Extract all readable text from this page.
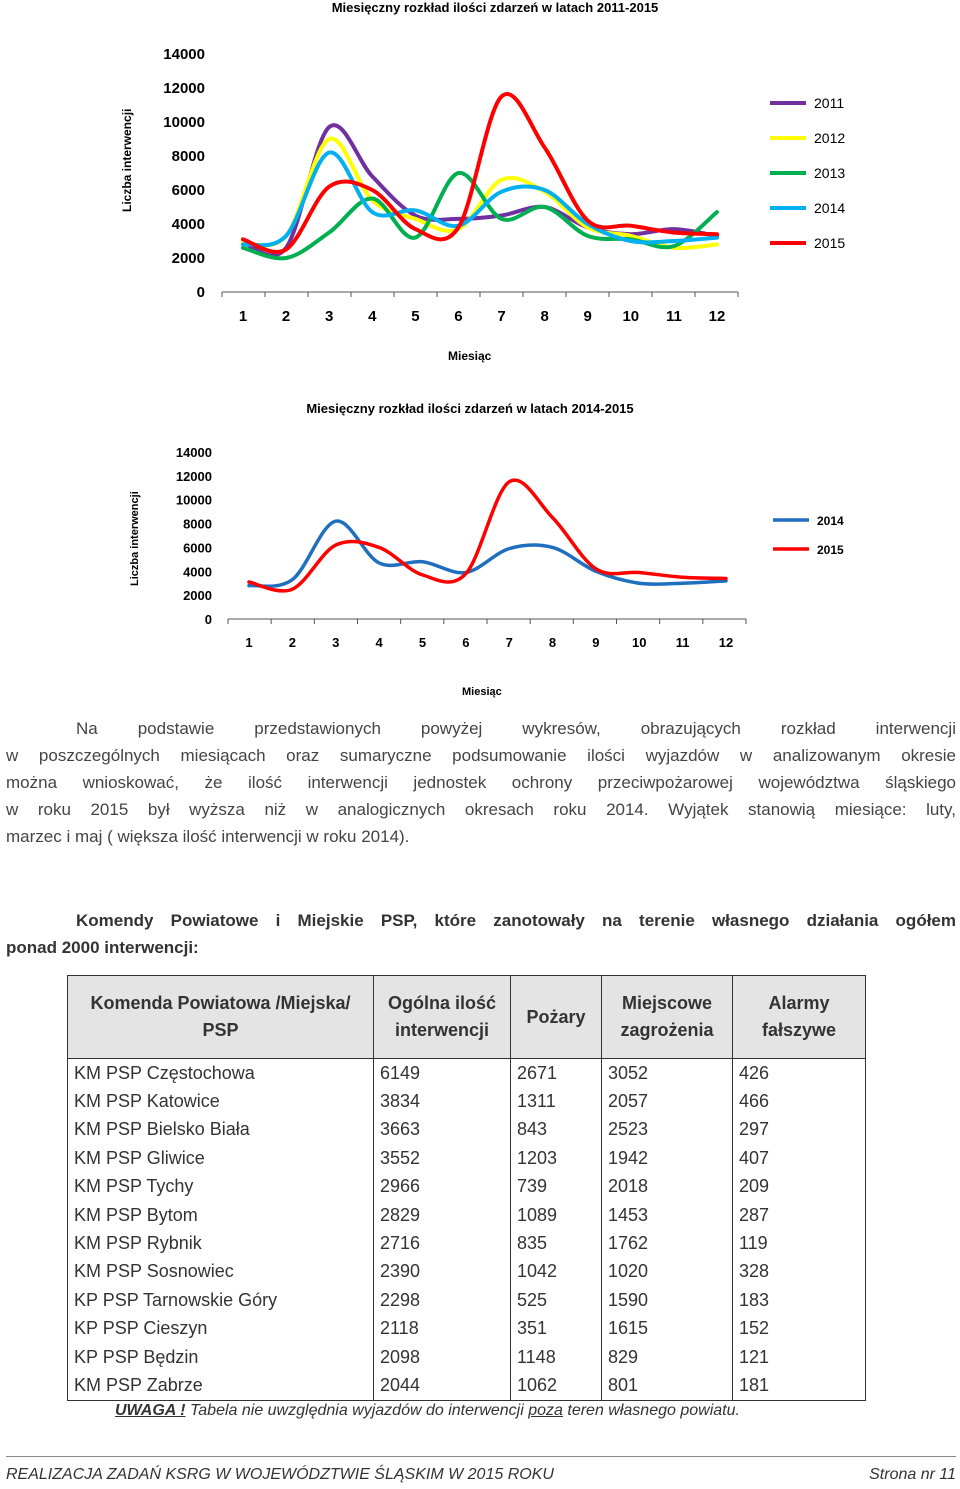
Miesięczny rozkład ilości zdarzeń w latach 2011-2015
Liczba interwencji
0
2000
4000
6000
8000
10000
12000
14000
1 2 3 4 5 6 7 8 9 10 11 12
2011
2012
2013
2014
2015
Miesiąc
Miesięczny rozkład ilości zdarzeń w latach 2014-2015
Liczba interwencji
0
2000
4000
6000
8000
10000
12000
14000
1	2	3	4	5	6	7	8	9	10 11 12
2014
2015
Miesiąc

Na podstawie przedstawionych powyżej wykresów, obrazujących rozkład interwencji

w poszczególnych miesiącach oraz sumaryczne podsumowanie ilości wyjazdów w analizowanym okresie

można wnioskować, że ilość interwencji jednostek ochrony przeciwpożarowej województwa śląskiego

w roku 2015 był wyższa niż w analogicznych okresach roku 2014. Wyjątek stanowią miesiące: luty,

marzec i maj ( większa ilość interwencji w roku 2014).

Komendy Powiatowe i Miejskie PSP, które zanotowały na terenie własnego działania ogółem
ponad 2000 interwencji:
Komenda Powiatowa /Miejska/ PSP	Ogólna ilość interwencji	Pożary	Miejscowe zagrożenia	Alarmy fałszywe
KM PSP Częstochowa	6149	2671	3052	426
KM PSP Katowice	3834	1311	2057	466
KM PSP Bielsko Biała	3663	843	2523	297
KM PSP Gliwice	3552	1203	1942	407
KM PSP Tychy	2966	739	2018	209
KM PSP Bytom	2829	1089	1453	287
KM PSP Rybnik	2716	835	1762	119
KM PSP Sosnowiec	2390	1042	1020	328
KP PSP Tarnowskie Góry	2298	525	1590	183
KP PSP Cieszyn	2118	351	1615	152
KP PSP Będzin	2098	1148	829	121
KM PSP Zabrze	2044	1062	801	181
UWAGA ! Tabela nie uwzględnia wyjazdów do interwencji poza teren własnego powiatu.
REALIZACJA ZADAŃ KSRG W WOJEWÓDZTWIE ŚLĄSKIM W 2015 ROKU	Strona nr 11
